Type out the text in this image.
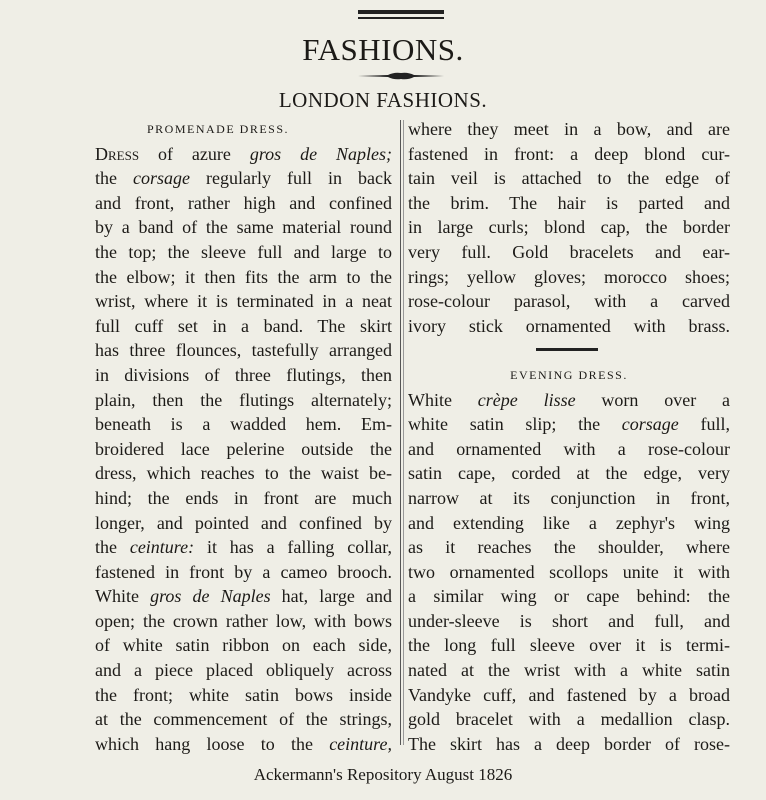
FASHIONS.
LONDON FASHIONS.
PROMENADE DRESS.
Dress of azure gros de Naples;
the corsage regularly full in back
and front, rather high and confined
by a band of the same material round
the top; the sleeve full and large to
the elbow; it then fits the arm to the
wrist, where it is terminated in a neat
full cuff set in a band. The skirt
has three flounces, tastefully arranged
in divisions of three flutings, then
plain, then the flutings alternately;
beneath is a wadded hem. Em-
broidered lace pelerine outside the
dress, which reaches to the waist be-
hind; the ends in front are much
longer, and pointed and confined by
the ceinture: it has a falling collar,
fastened in front by a cameo brooch.
White gros de Naples hat, large and
open; the crown rather low, with bows
of white satin ribbon on each side,
and a piece placed obliquely across
the front; white satin bows inside
at the commencement of the strings,
which hang loose to the ceinture,
where they meet in a bow, and are
fastened in front: a deep blond cur-
tain veil is attached to the edge of
the brim. The hair is parted and
in large curls; blond cap, the border
very full. Gold bracelets and ear-
rings; yellow gloves; morocco shoes;
rose-colour parasol, with a carved
ivory stick ornamented with brass.
EVENING DRESS.
White crèpe lisse worn over a
white satin slip; the corsage full,
and ornamented with a rose-colour
satin cape, corded at the edge, very
narrow at its conjunction in front,
and extending like a zephyr's wing
as it reaches the shoulder, where
two ornamented scollops unite it with
a similar wing or cape behind: the
under-sleeve is short and full, and
the long full sleeve over it is termi-
nated at the wrist with a white satin
Vandyke cuff, and fastened by a broad
gold bracelet with a medallion clasp.
The skirt has a deep border of rose-
Ackermann's Repository August 1826
